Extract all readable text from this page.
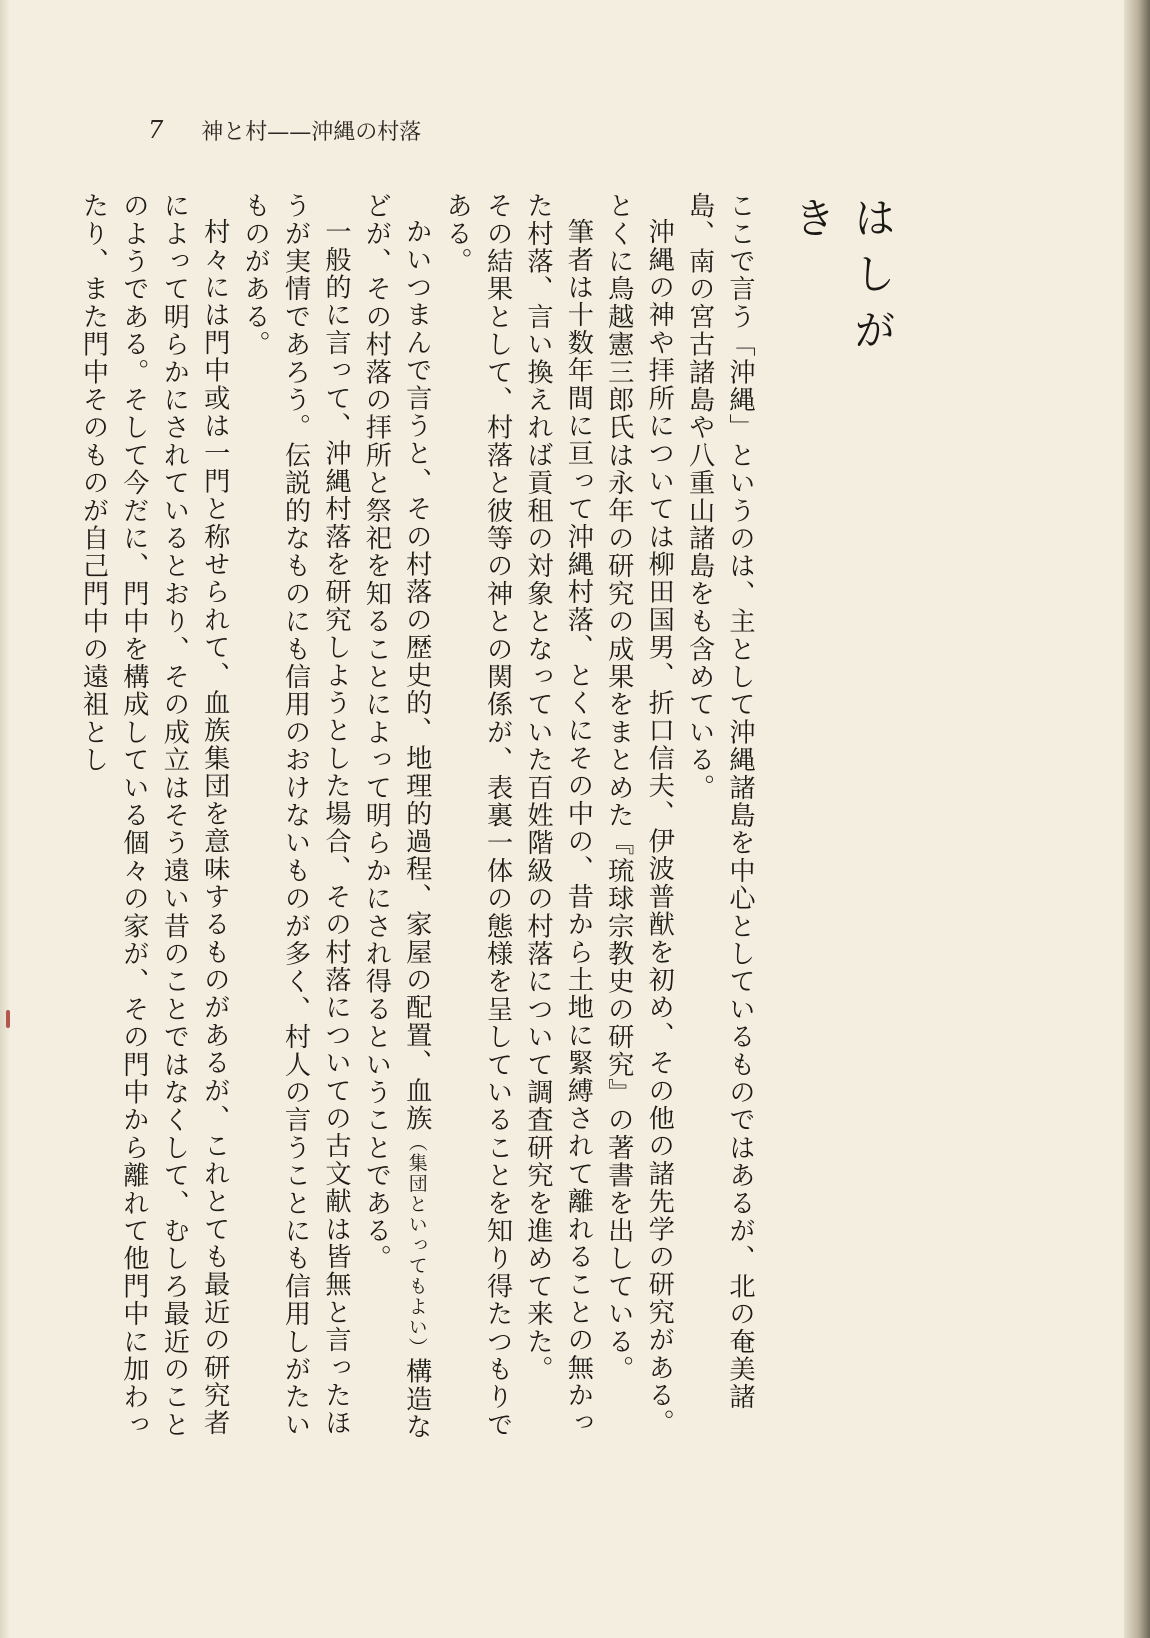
7 神と村——沖縄の村落
はしがき

ここで言う「沖縄」というのは、主として沖縄諸島を中心としているものではあるが、北の奄美諸島、南の宮古諸島や八重山諸島をも含めている。

沖縄の神や拝所については柳田国男、折口信夫、伊波普猷を初め、その他の諸先学の研究がある。とくに鳥越憲三郎氏は永年の研究の成果をまとめた『琉球宗教史の研究』の著書を出している。

筆者は十数年間に亘って沖縄村落、とくにその中の、昔から土地に緊縛されて離れることの無かった村落、言い換えれば貢租の対象となっていた百姓階級の村落について調査研究を進めて来た。

その結果として、村落と彼等の神との関係が、表裏一体の態様を呈していることを知り得たつもりである。

かいつまんで言うと、その村落の歴史的、地理的過程、家屋の配置、血族（集団といってもよい）構造などが、その村落の拝所と祭祀を知ることによって明らかにされ得るということである。

一般的に言って、沖縄村落を研究しようとした場合、その村落についての古文献は皆無と言ったほうが実情であろう。伝説的なものにも信用のおけないものが多く、村人の言うことにも信用しがたいものがある。

村々には門中或は一門と称せられて、血族集団を意味するものがあるが、これとても最近の研究者によって明らかにされているとおり、その成立はそう遠い昔のことではなくして、むしろ最近のことのようである。そして今だに、門中を構成している個々の家が、その門中から離れて他門中に加わったり、また門中そのものが自己門中の遠祖とし
